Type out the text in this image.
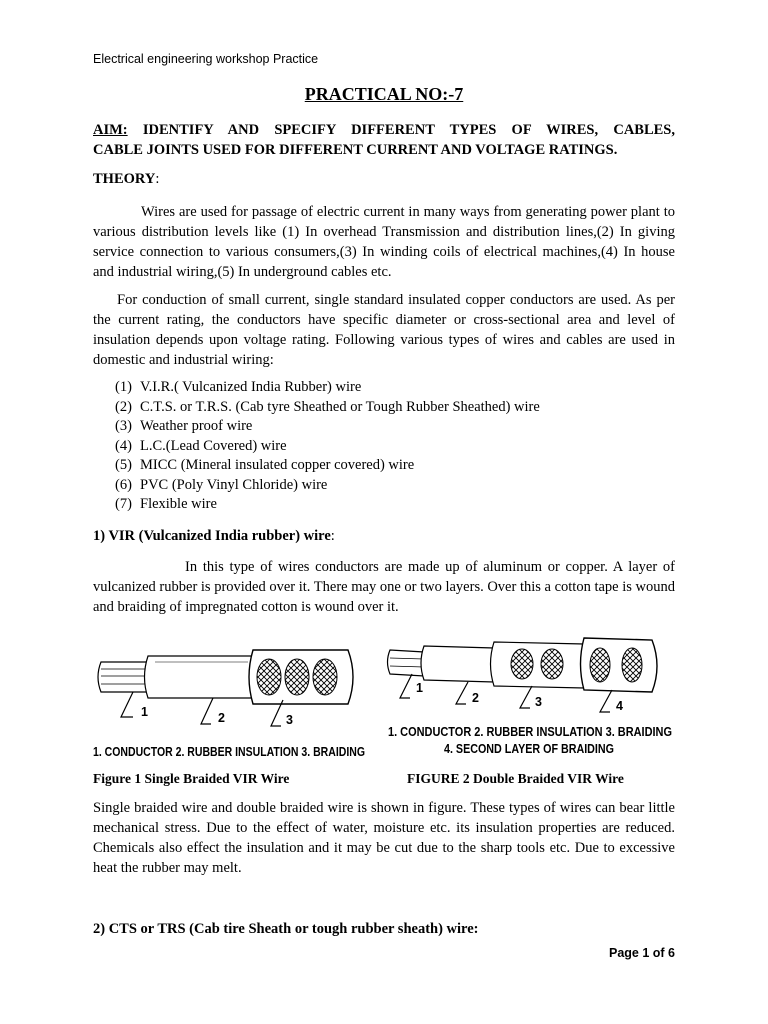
Electrical engineering workshop Practice
PRACTICAL NO:-7
AIM: IDENTIFY AND SPECIFY DIFFERENT TYPES OF WIRES, CABLES,
CABLE JOINTS USED FOR DIFFERENT CURRENT AND VOLTAGE RATINGS.
THEORY:
Wires are used for passage of electric current in many ways from generating power plant to various distribution levels like (1) In overhead Transmission and distribution lines,(2) In giving service connection to various consumers,(3) In winding coils of electrical machines,(4) In house and industrial wiring,(5) In underground cables etc.
For conduction of small current, single standard insulated copper conductors are used. As per the current rating, the conductors have specific diameter or cross-sectional area and level of insulation depends upon voltage rating. Following various types of wires and cables are used in domestic and industrial wiring:
(1) V.I.R.( Vulcanized India Rubber) wire
(2) C.T.S. or T.R.S. (Cab tyre Sheathed or Tough Rubber Sheathed) wire
(3) Weather proof wire
(4) L.C.(Lead Covered) wire
(5) MICC (Mineral insulated copper covered) wire
(6) PVC (Poly Vinyl Chloride) wire
(7) Flexible wire
1) VIR (Vulcanized India rubber) wire:
In this type of wires conductors are made up of aluminum or copper. A layer of vulcanized rubber is provided over it. There may one or two layers. Over this a cotton tape is wound and braiding of impregnated cotton is wound over it.
1	2	3
1. CONDUCTOR 2. RUBBER INSULATION 3. BRAIDING
1
2	3	4
1. CONDUCTOR 2. RUBBER INSULATION 3. BRAIDING
4. SECOND LAYER OF BRAIDING
Figure 1 Single Braided VIR Wire	FIGURE 2 Double Braided VIR Wire
Single braided wire and double braided wire is shown in figure. These types of wires can bear little mechanical stress. Due to the effect of water, moisture etc. its insulation properties are reduced. Chemicals also effect the insulation and it may be cut due to the sharp tools etc. Due to excessive heat the rubber may melt.
2) CTS or TRS (Cab tire Sheath or tough rubber sheath) wire:
Page 1 of 6
